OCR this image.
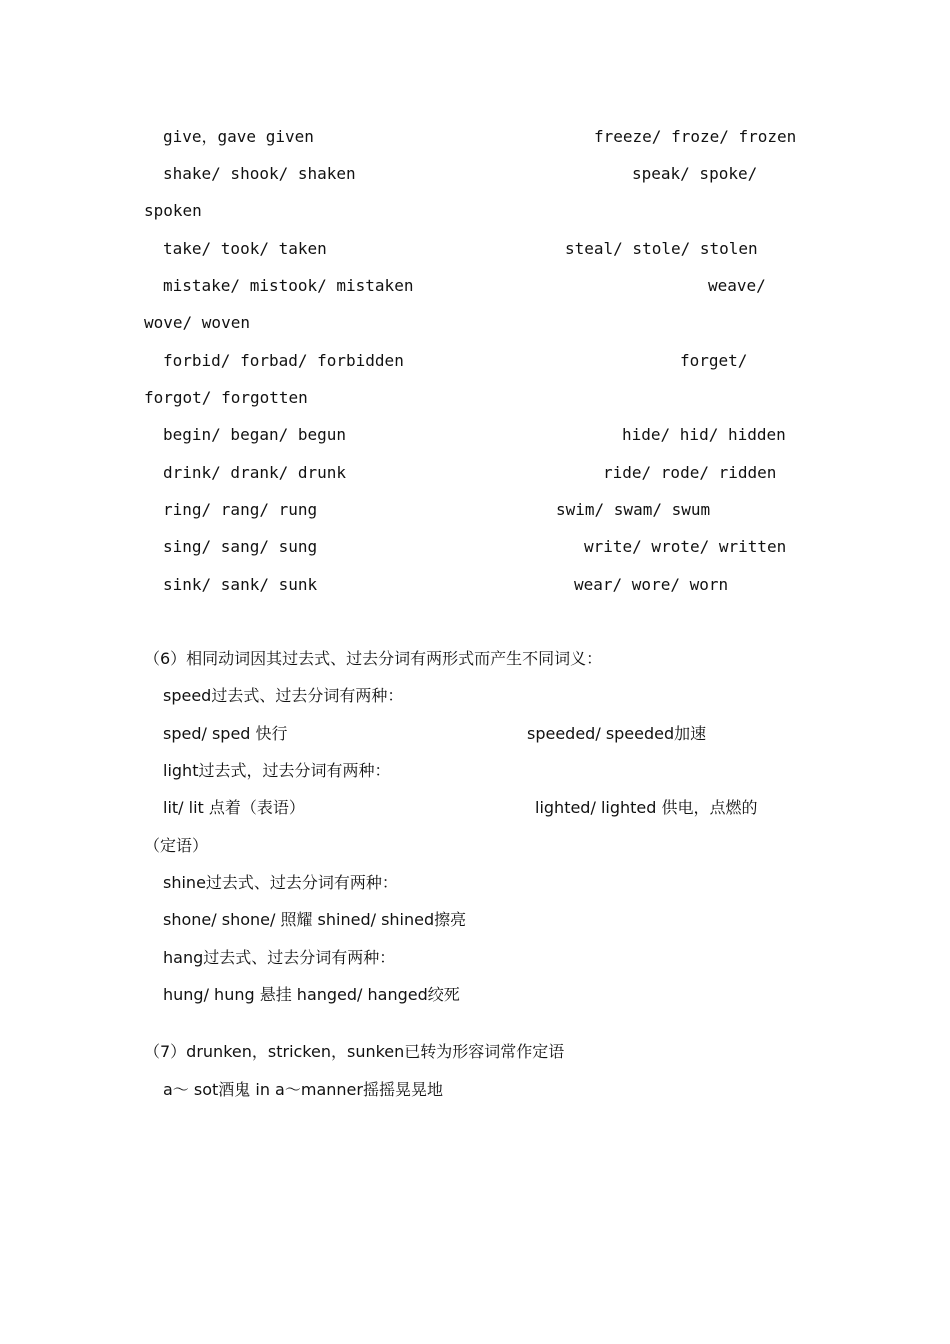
give，gave given	freeze/ froze/ frozen
shake/ shook/ shaken	speak/ spoke/
spoken
take/ took/ taken	steal/ stole/ stolen
mistake/ mistook/ mistaken	weave/
wove/ woven
forbid/ forbad/ forbidden	forget/
forgot/ forgotten
begin/ began/ begun	hide/ hid/ hidden
drink/ drank/ drunk	ride/ rode/ ridden
ring/ rang/ rung	swim/ swam/ swum
sing/ sang/ sung	write/ wrote/ written
sink/ sank/ sunk	wear/ wore/ worn
（6）相同动词因其过去式、过去分词有两形式而产生不同词义：
speed过去式、过去分词有两种：
sped/ sped 快行	speeded/ speeded加速
light过去式，过去分词有两种：
lit/ lit 点着（表语）	lighted/ lighted 供电，点燃的
（定语）
shine过去式、过去分词有两种：
shone/ shone/ 照耀 shined/ shined擦亮
hang过去式、过去分词有两种：
hung/ hung 悬挂 hanged/ hanged绞死
（7）drunken，stricken，sunken已转为形容词常作定语
a～ sot酒鬼 in a～manner摇摇晃晃地
